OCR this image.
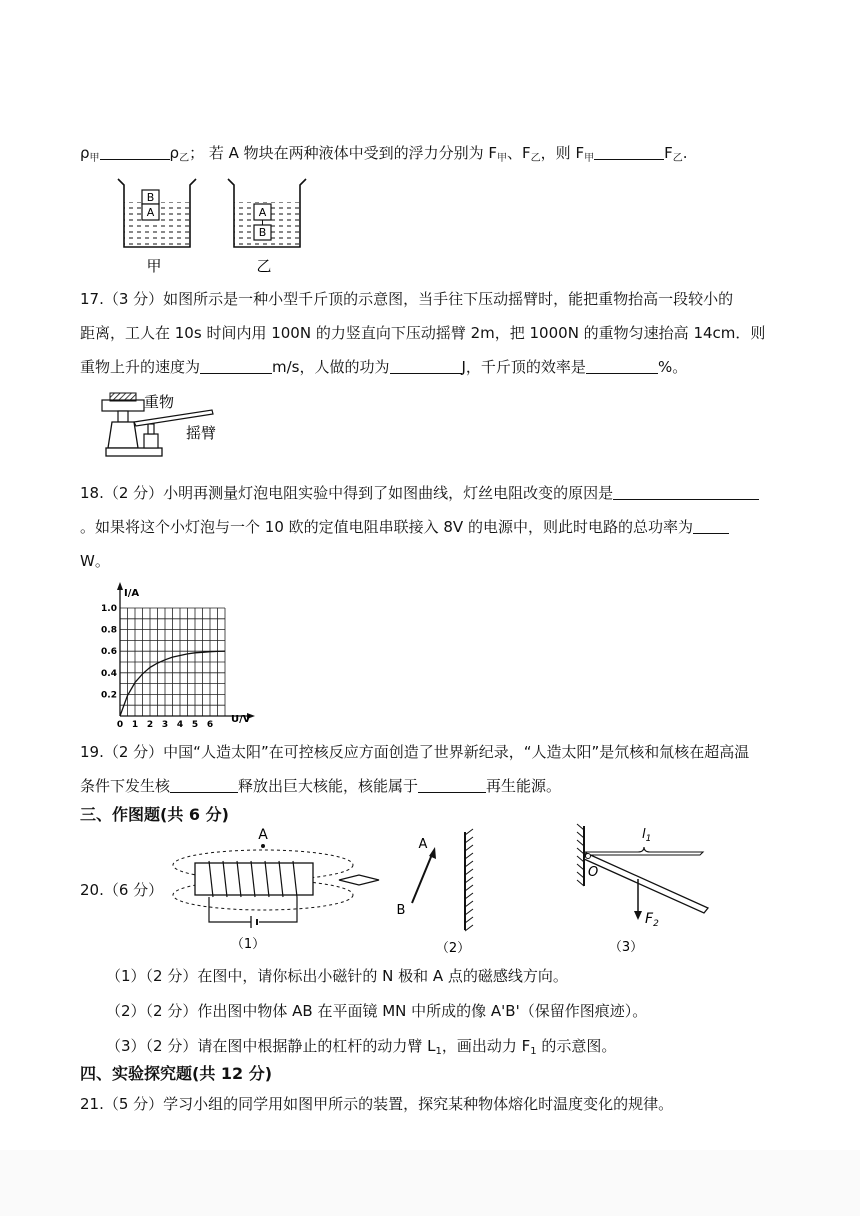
$\rho_甲$	$\rho_乙$； 若 A 物块在两种液体中受到的浮力分别为 $F_甲$、$F_乙$，则 $F_甲$	$F_乙$.
B
A
甲
A
B
乙
17.（3 分）如图所示是一种小型千斤顶的示意图，当手往下压动摇臂时，能把重物抬高一段较小的
距离，工人在 10s 时间内用 100N 的力竖直向下压动摇臂 2m，把 1000N 的重物匀速抬高 14cm．则
重物上升的速度为	m/s，人做的功为	J，千斤顶的效率是	%。
重物
摇臂
18.（2 分）小明再测量灯泡电阻实验中得到了如图曲线，灯丝电阻改变的原因是
。如果将这个小灯泡与一个 10 欧的定值电阻串联接入 8V 的电源中，则此时电路的总功率为
W。
0 1 2 3 4 5 6
0.2
0.4
0.6
0.8
1.0
I/A
U/V
19.（2 分）中国“人造太阳”在可控核反应方面创造了世界新纪录，“人造太阳”是氘核和氚核在超高温
条件下发生核	释放出巨大核能，核能属于	再生能源。
三、作图题(共 6 分)
20.（6 分）
A
（1）
A
B
（2）
$l_1$
O
$F_2$
（3）
（1）（2 分）在图中，请你标出小磁针的 N 极和 A 点的磁感线方向。
（2）（2 分）作出图中物体 AB 在平面镜 MN 中所成的像 A'B'（保留作图痕迹）。
（3）（2 分）请在图中根据静止的杠杆的动力臂 $L_1$，画出动力 $F_1$ 的示意图。
四、实验探究题(共 12 分)
21.（5 分）学习小组的同学用如图甲所示的装置，探究某种物体熔化时温度变化的规律。
